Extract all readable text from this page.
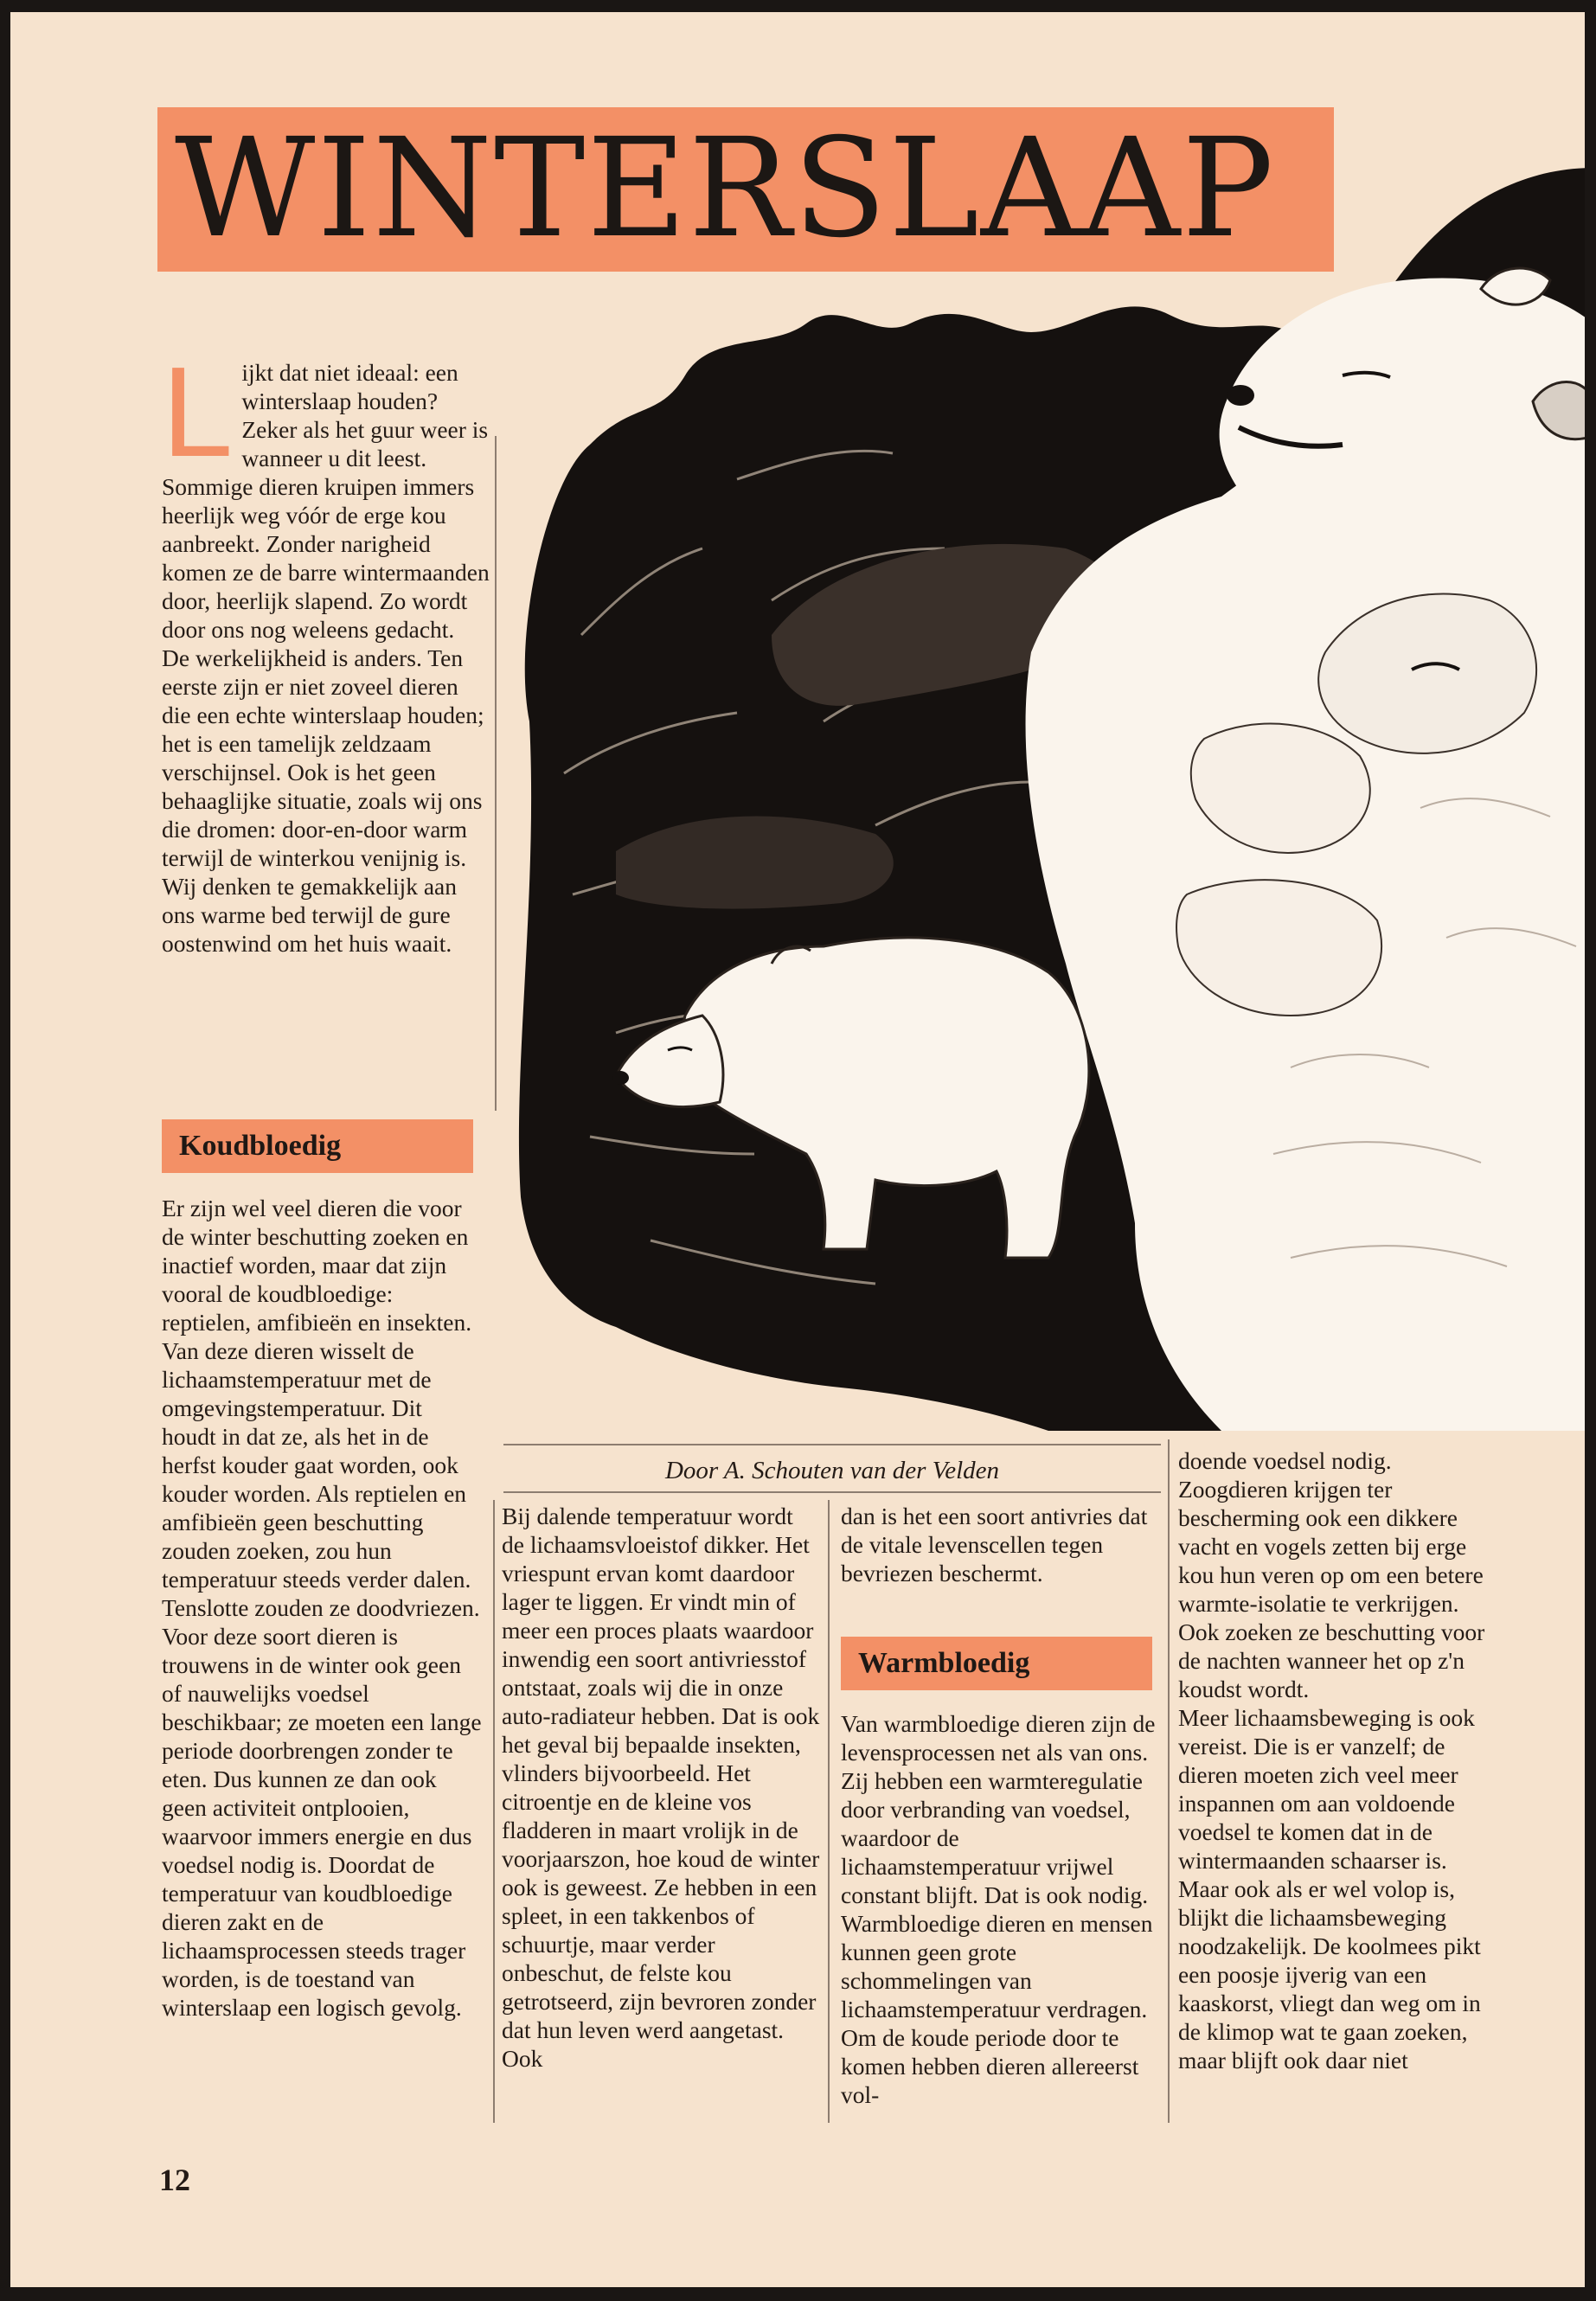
WINTERSLAAP
L ijkt dat niet ideaal: een winterslaap houden? Zeker als het guur weer is wanneer u dit leest. Sommige dieren kruipen immers heerlijk weg vóór de erge kou aanbreekt. Zonder narigheid komen ze de barre wintermaanden door, heerlijk slapend. Zo wordt door ons nog weleens gedacht.

De werkelijkheid is anders. Ten eerste zijn er niet zoveel dieren die een echte winterslaap houden; het is een tamelijk zeldzaam verschijnsel. Ook is het geen behaaglijke situatie, zoals wij ons die dromen: door-en-door warm terwijl de winterkou venijnig is. Wij denken te gemakkelijk aan ons warme bed terwijl de gure oostenwind om het huis waait.

Koudbloedig

Er zijn wel veel dieren die voor de winter beschutting zoeken en inactief worden, maar dat zijn vooral de koudbloedige: reptielen, amfibieën en insekten. Van deze dieren wisselt de lichaamstemperatuur met de omgevingstemperatuur. Dit houdt in dat ze, als het in de herfst kouder gaat worden, ook kouder worden. Als reptielen en amfibieën geen beschutting zouden zoeken, zou hun temperatuur steeds verder dalen. Tenslotte zouden ze doodvriezen.

Voor deze soort dieren is trouwens in de winter ook geen of nauwelijks voedsel beschikbaar; ze moeten een lange periode doorbrengen zonder te eten. Dus kunnen ze dan ook geen activiteit ontplooien, waarvoor immers energie en dus voedsel nodig is. Doordat de temperatuur van koudbloedige dieren zakt en de lichaamsprocessen steeds trager worden, is de toestand van winterslaap een logisch gevolg.

Door A. Schouten van der Velden

Bij dalende temperatuur wordt de lichaamsvloeistof dikker. Het vriespunt ervan komt daardoor lager te liggen. Er vindt min of meer een proces plaats waardoor inwendig een soort antivriesstof ontstaat, zoals wij die in onze auto-radiateur hebben. Dat is ook het geval bij bepaalde insekten, vlinders bijvoorbeeld. Het citroentje en de kleine vos fladderen in maart vrolijk in de voorjaarszon, hoe koud de winter ook is geweest. Ze hebben in een spleet, in een takkenbos of schuurtje, maar verder onbeschut, de felste kou getrotseerd, zijn bevroren zonder dat hun leven werd aangetast. Ook

dan is het een soort antivries dat de vitale levenscellen tegen bevriezen beschermt.

Warmbloedig

Van warmbloedige dieren zijn de levensprocessen net als van ons. Zij hebben een warmteregulatie door verbranding van voedsel, waardoor de lichaamstemperatuur vrijwel constant blijft. Dat is ook nodig. Warmbloedige dieren en mensen kunnen geen grote schommelingen van lichaamstemperatuur verdragen. Om de koude periode door te komen hebben dieren allereerst vol-

doende voedsel nodig. Zoogdieren krijgen ter bescherming ook een dikkere vacht en vogels zetten bij erge kou hun veren op om een betere warmte-isolatie te verkrijgen. Ook zoeken ze beschutting voor de nachten wanneer het op z'n koudst wordt.

Meer lichaamsbeweging is ook vereist. Die is er vanzelf; de dieren moeten zich veel meer inspannen om aan voldoende voedsel te komen dat in de wintermaanden schaarser is. Maar ook als er wel volop is, blijkt die lichaamsbeweging noodzakelijk. De koolmees pikt een poosje ijverig van een kaaskorst, vliegt dan weg om in de klimop wat te gaan zoeken, maar blijft ook daar niet

12
